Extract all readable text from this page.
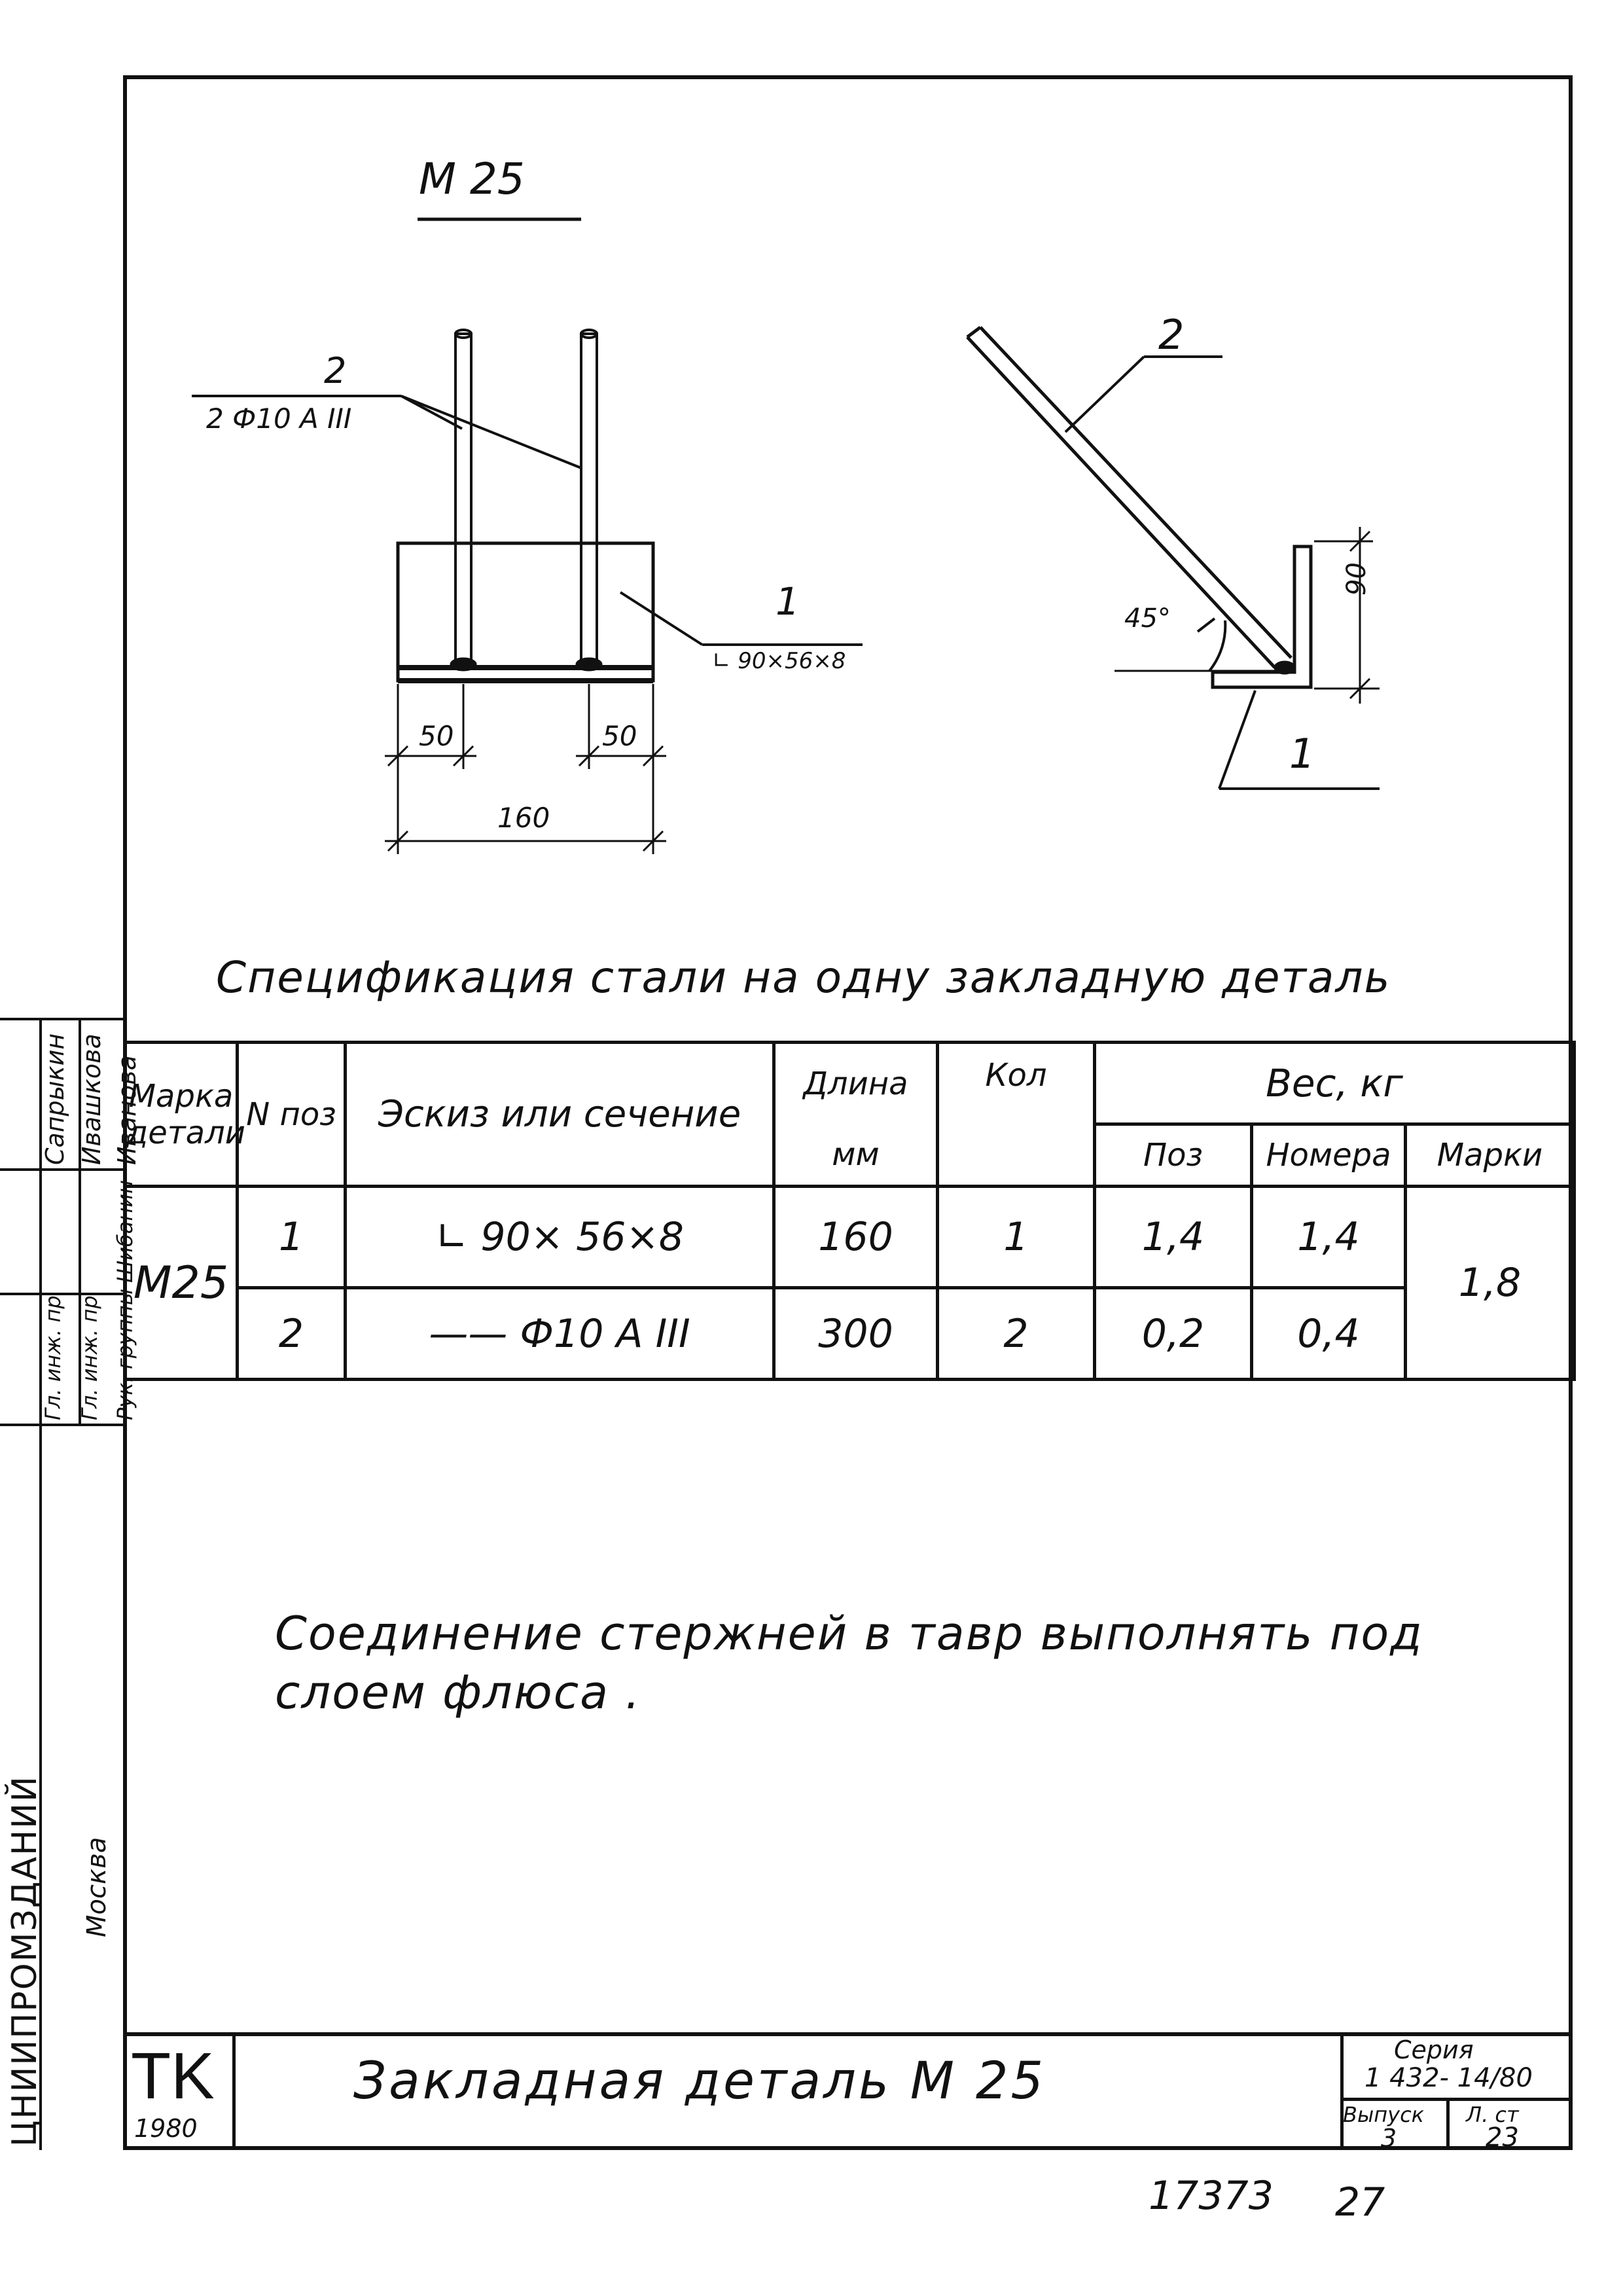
М 25
2
2 Ф10 А III
1
∟ 90×56×8
2
1
45°
90
50	50
160
Спецификация стали на одну закладную деталь
Марка детали	N поз	Эскиз или сечение	Длина	Кол	Вес, кг		
			мм		Поз	Номера	Марки
М25	1	∟ 90× 56×8	160	1	1,4	1,4	1,8
	2	—— Ф10 А III	300	2	0,2	0,4	
Соединение стержней в тавр выполнять под
слоем флюса .
TK
1980
Закладная деталь М 25
Серия
1 432- 14/80
Выпуск
3
Л. ст
23
17373 27
Сапрыкин Ивашкова Иванова
Шибанин
Гл. инж. пр Гл. инж. пр Рук. группы
ЦНИИПРОМЗДАНИЙ Москва
